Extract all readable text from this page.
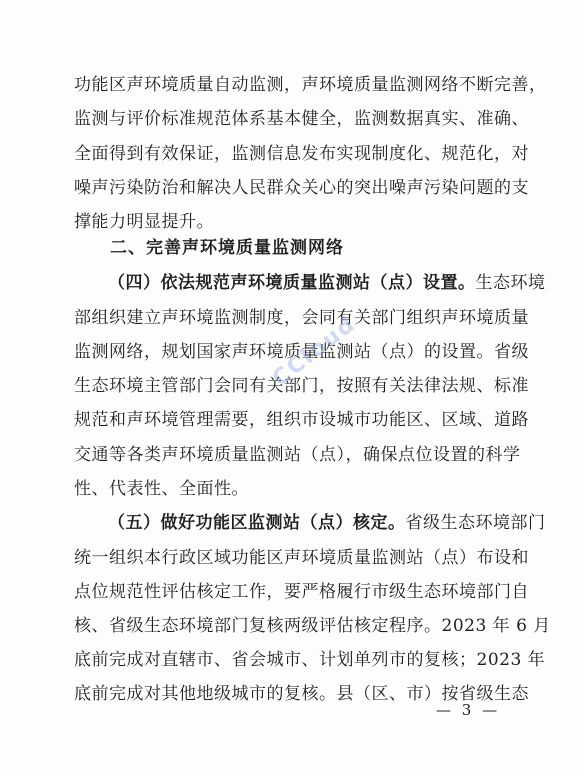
功能区声环境质量自动监测，声环境质量监测网络不断完善，
监测与评价标准规范体系基本健全，监测数据真实、准确、
全面得到有效保证，监测信息发布实现制度化、规范化，对
噪声污染防治和解决人民群众关心的突出噪声污染问题的支
撑能力明显提升。
二、完善声环境质量监测网络
（四）依法规范声环境质量监测站（点）设置。生态环境
部组织建立声环境监测制度，会同有关部门组织声环境质量
监测网络，规划国家声环境质量监测站（点）的设置。省级
生态环境主管部门会同有关部门，按照有关法律法规、标准
规范和声环境管理需要，组织市设城市功能区、区域、道路
交通等各类声环境质量监测站（点），确保点位设置的科学
性、代表性、全面性。
（五）做好功能区监测站（点）核定。省级生态环境部门
统一组织本行政区域功能区声环境质量监测站（点）布设和
点位规范性评估核定工作，要严格履行市级生态环境部门自
核、省级生态环境部门复核两级评估核定程序。2023 年 6 月
底前完成对直辖市、省会城市、计划单列市的复核；2023 年
底前完成对其他地级城市的复核。县（区、市）按省级生态
— 3 —
CCloud
